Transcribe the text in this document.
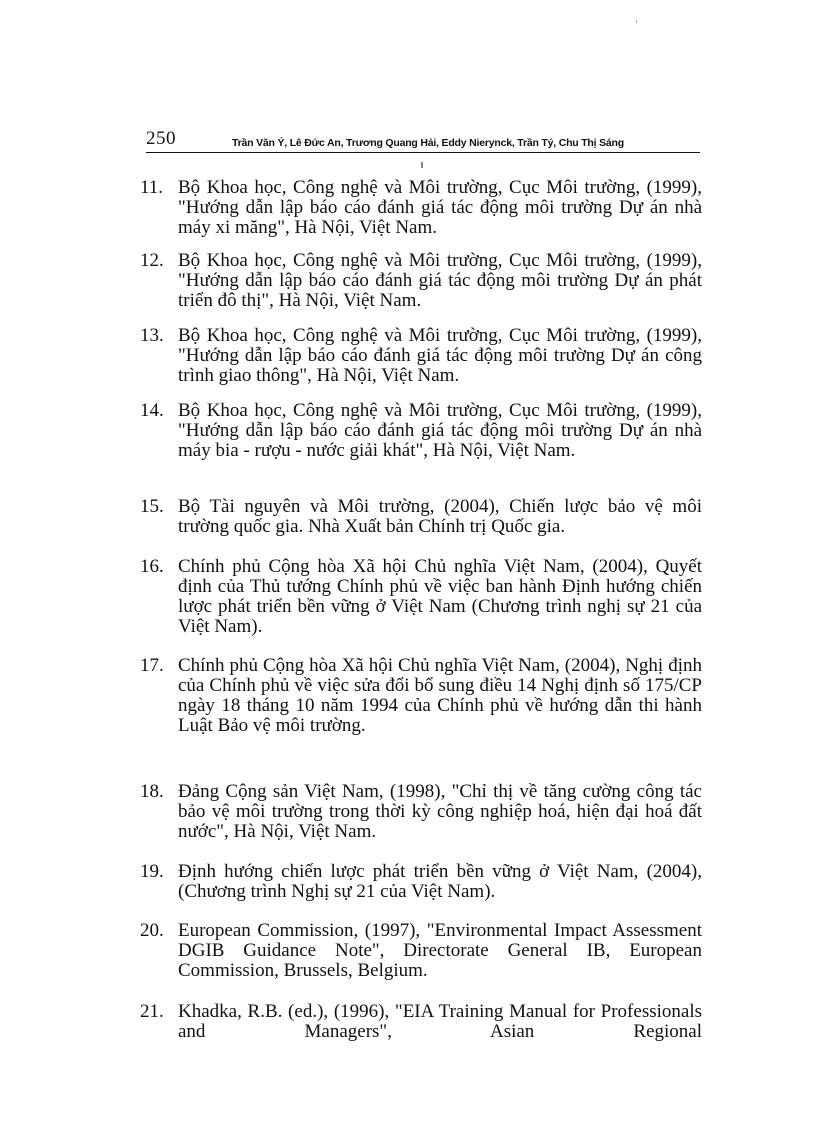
250	Trần Văn Ý, Lê Đức An, Trương Quang Hải, Eddy Nierynck, Trần Tý, Chu Thị Sáng
11. Bộ Khoa học, Công nghệ và Môi trường, Cục Môi trường, (1999), "Hướng dẫn lập báo cáo đánh giá tác động môi trường Dự án nhà máy xi măng", Hà Nội, Việt Nam.
12. Bộ Khoa học, Công nghệ và Môi trường, Cục Môi trường, (1999), "Hướng dẫn lập báo cáo đánh giá tác động môi trường Dự án phát triển đô thị", Hà Nội, Việt Nam.
13. Bộ Khoa học, Công nghệ và Môi trường, Cục Môi trường, (1999), "Hướng dẫn lập báo cáo đánh giá tác động môi trường Dự án công trình giao thông", Hà Nội, Việt Nam.
14. Bộ Khoa học, Công nghệ và Môi trường, Cục Môi trường, (1999), "Hướng dẫn lập báo cáo đánh giá tác động môi trường Dự án nhà máy bia - rượu - nước giải khát", Hà Nội, Việt Nam.
15. Bộ Tài nguyên và Môi trường, (2004), Chiến lược bảo vệ môi trường quốc gia. Nhà Xuất bản Chính trị Quốc gia.
16. Chính phủ Cộng hòa Xã hội Chủ nghĩa Việt Nam, (2004), Quyết định của Thủ tướng Chính phủ về việc ban hành Định hướng chiến lược phát triển bền vững ở Việt Nam (Chương trình nghị sự 21 của Việt Nam).
17. Chính phủ Cộng hòa Xã hội Chủ nghĩa Việt Nam, (2004), Nghị định của Chính phủ về việc sửa đổi bổ sung điều 14 Nghị định số 175/CP ngày 18 tháng 10 năm 1994 của Chính phủ về hướng dẫn thi hành Luật Bảo vệ môi trường.
18. Đảng Cộng sản Việt Nam, (1998), "Chỉ thị về tăng cường công tác bảo vệ môi trường trong thời kỳ công nghiệp hoá, hiện đại hoá đất nước", Hà Nội, Việt Nam.
19. Định hướng chiến lược phát triển bền vững ở Việt Nam, (2004), (Chương trình Nghị sự 21 của Việt Nam).
20. European Commission, (1997), "Environmental Impact Assessment DGIB Guidance Note", Directorate General IB, European Commission, Brussels, Belgium.
21. Khadka, R.B. (ed.), (1996), "EIA Training Manual for Professionals and Managers", Asian Regional
